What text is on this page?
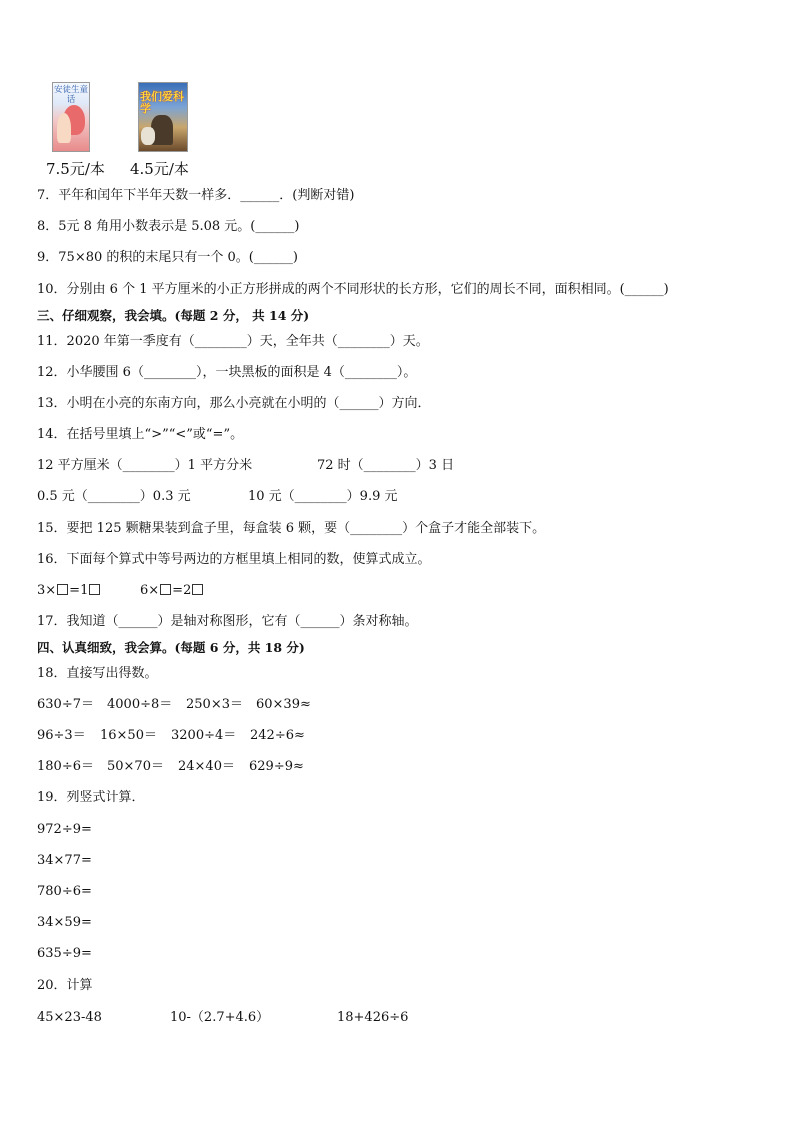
安徒生童话	我们爱科学
7.5元/本 4.5元/本
7．平年和闰年下半年天数一样多．______．(判断对错)
8．5元 8 角用小数表示是 5.08 元。(______)
9．75×80 的积的末尾只有一个 0。(______)
10．分别由 6 个 1 平方厘米的小正方形拼成的两个不同形状的长方形，它们的周长不同，面积相同。(______)
三、仔细观察，我会填。(每题 2 分， 共 14 分)
11．2020 年第一季度有（________）天，全年共（________）天。
12．小华腰围 6（________），一块黑板的面积是 4（________）。
13．小明在小亮的东南方向，那么小亮就在小明的（______）方向．
14．在括号里填上“>”“<”或“=”。
12 平方厘米（________）1 平方分米	72 时（________）3 日
0.5 元（________）0.3 元	10 元（________）9.9 元
15．要把 125 颗糖果装到盒子里，每盒装 6 颗，要（________）个盒子才能全部装下。
16．下面每个算式中等号两边的方框里填上相同的数，使算式成立。
3× =1	6× =2
17．我知道（______）是轴对称图形，它有（______）条对称轴。
四、认真细致，我会算。(每题 6 分，共 18 分)
18．直接写出得数。
630÷7＝ 4000÷8＝ 250×3＝ 60×39≈
96÷3＝ 16×50＝ 3200÷4＝ 242÷6≈
180÷6＝ 50×70＝ 24×40＝ 629÷9≈
19．列竖式计算．
972÷9=
34×77=
780÷6=
34×59=
635÷9=
20．计算
45×23-48	10-（2.7+4.6）	18+426÷6
